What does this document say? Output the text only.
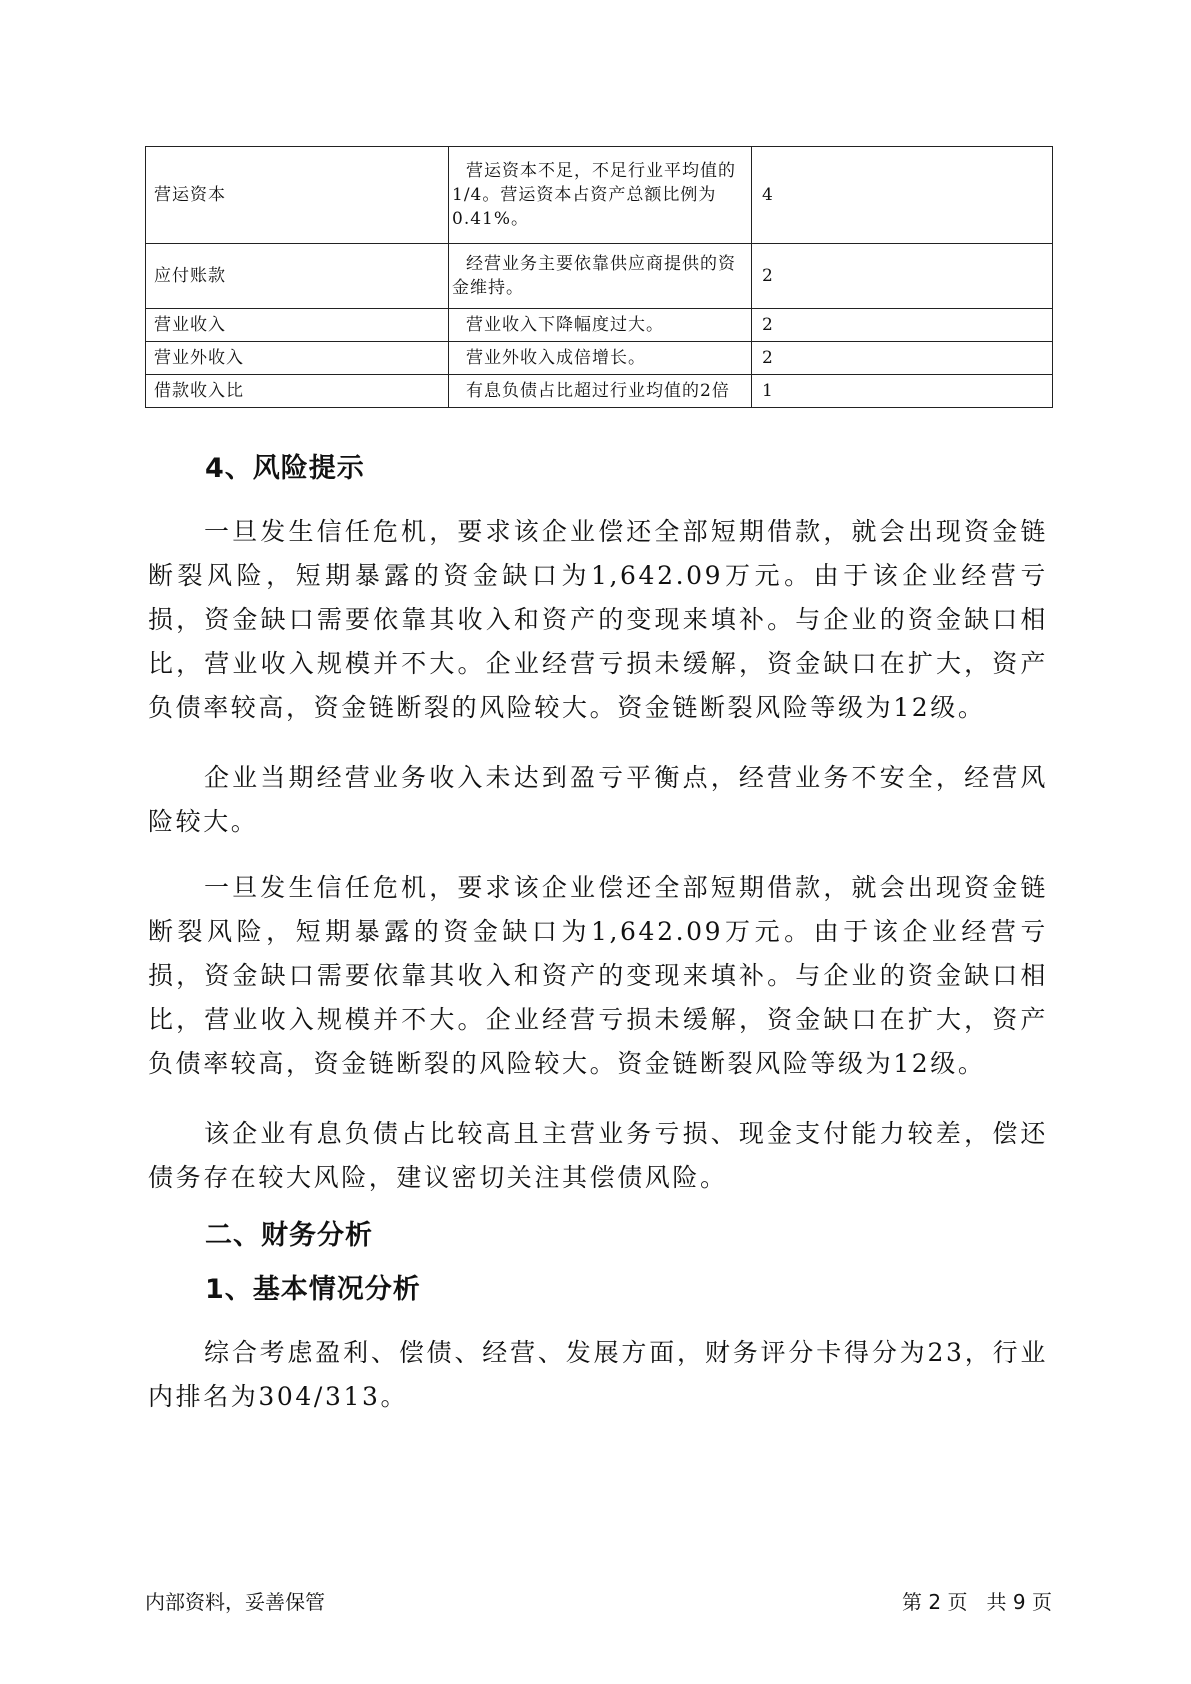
营运资本	营运资本不足，不足行业平均值的1/4。营运资本占资产总额比例为0.41%。	4
应付账款	经营业务主要依靠供应商提供的资金维持。	2
营业收入	营业收入下降幅度过大。	2
营业外收入	营业外收入成倍增长。	2
借款收入比	有息负债占比超过行业均值的2倍	1
4、风险提示

一旦发生信任危机，要求该企业偿还全部短期借款，就会出现资金链断裂风险，短期暴露的资金缺口为1,642.09万元。由于该企业经营亏损，资金缺口需要依靠其收入和资产的变现来填补。与企业的资金缺口相比，营业收入规模并不大。企业经营亏损未缓解，资金缺口在扩大，资产负债率较高，资金链断裂的风险较大。资金链断裂风险等级为12级。

企业当期经营业务收入未达到盈亏平衡点，经营业务不安全，经营风险较大。

一旦发生信任危机，要求该企业偿还全部短期借款，就会出现资金链断裂风险，短期暴露的资金缺口为1,642.09万元。由于该企业经营亏损，资金缺口需要依靠其收入和资产的变现来填补。与企业的资金缺口相比，营业收入规模并不大。企业经营亏损未缓解，资金缺口在扩大，资产负债率较高，资金链断裂的风险较大。资金链断裂风险等级为12级。

该企业有息负债占比较高且主营业务亏损、现金支付能力较差，偿还债务存在较大风险，建议密切关注其偿债风险。

二、财务分析
1、基本情况分析

综合考虑盈利、偿债、经营、发展方面，财务评分卡得分为23，行业内排名为304/313。

内部资料，妥善保管	第 2 页   共 9 页
